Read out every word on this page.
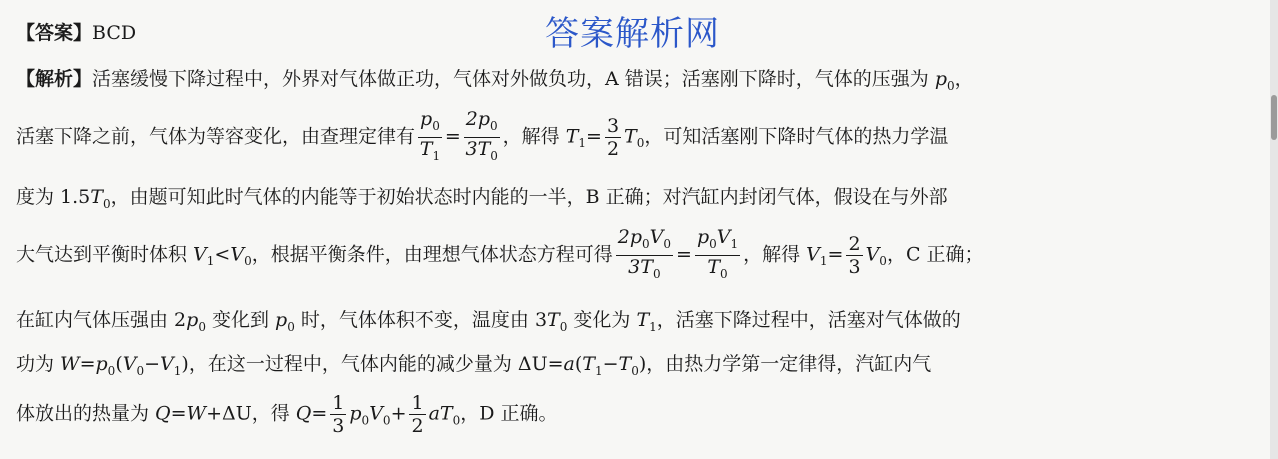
答案解析网
【答案】BCD
【解析】活塞缓慢下降过程中，外界对气体做正功，气体对外做负功，A 错误；活塞刚下降时，气体的压强为 $p_0$，
活塞下降之前，气体为等容变化，由查理定律有 $\frac{p_0}{T_1} = \frac{2p_0}{3T_0}$ ，解得 $T_1= \frac{3}{2} T_0$，可知活塞刚下降时气体的热力学温
度为 $1.5T_0$，由题可知此时气体的内能等于初始状态时内能的一半，B 正确；对汽缸内封闭气体，假设在与外部
大气达到平衡时体积 $V_1<V_0$，根据平衡条件，由理想气体状态方程可得 $\frac{2p_0V_0}{3T_0} = \frac{p_0V_1}{T_0}$ ，解得 $V_1= \frac{2}{3} V_0$，C 正确；
在缸内气体压强由 $2p_0$ 变化到 $p_0$ 时，气体体积不变，温度由 $3T_0$ 变化为 $T_1$，活塞下降过程中，活塞对气体做的
功为 $W=p_0(V_0-V_1)$，在这一过程中，气体内能的减少量为 $\Delta U=a(T_1-T_0)$，由热力学第一定律得，汽缸内气
体放出的热量为 Q=W+ΔU，得 $Q= \frac{1}{3} p_0V_0+ \frac{1}{2} aT_0$，D 正确。
